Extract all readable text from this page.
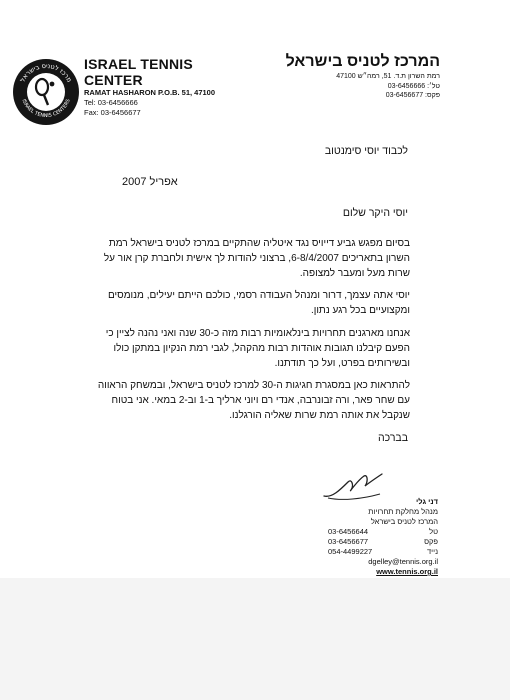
מרכז לטניס בישראל
ISRAEL TENNIS CENTERS
ISRAEL TENNIS CENTER
RAMAT HASHARON P.O.B. 51, 47100
Tel: 03-6456666
Fax: 03-6456677
המרכז לטניס בישראל
רמת השרון ת.ד. 51, רמה״ש 47100
טל׳: 03-6456666
פקס: 03-6456677
לכבוד יוסי סימנטוב
אפריל 2007
יוסי היקר שלום
בסיום מפגש גביע דייויס נגד איטליה שהתקיים במרכז לטניס בישראל רמת השרון בתאריכים 6-8/4/2007, ברצוני להודות לך אישית ולחברת קרן אור על שרות מעל ומעבר למצופה.
יוסי אתה עצמך, דרור ומנהל העבודה רסמי, כולכם הייתם יעילים, מנומסים ומקצועיים בכל רגע נתון.
אנחנו מארגנים תחרויות בינלאומיות רבות מזה כ-30 שנה ואני נהנה לציין כי הפעם קיבלנו תגובות אוהדות רבות מהקהל, לגבי רמת הנקיון במתקן כולו ובשירותים בפרט, ועל כך תודתנו.
להתראות כאן במסגרת חגיגות ה-30 למרכז לטניס בישראל, ובמשחק הראווה עם שחר פאר, ורה זבונרבה, אנדי רם ויוני ארליך ב-1 וב-2 במאי. אני בטוח שנקבל את אותה רמת שרות שאליה הורגלנו.
בברכה
דני גלי
מנהל מחלקת תחרויות
המרכז לטניס בישראל
טל
03-6456644
פקס
03-6456677
נייד
054-4499227
dgelley@tennis.org.il
www.tennis.org.il
